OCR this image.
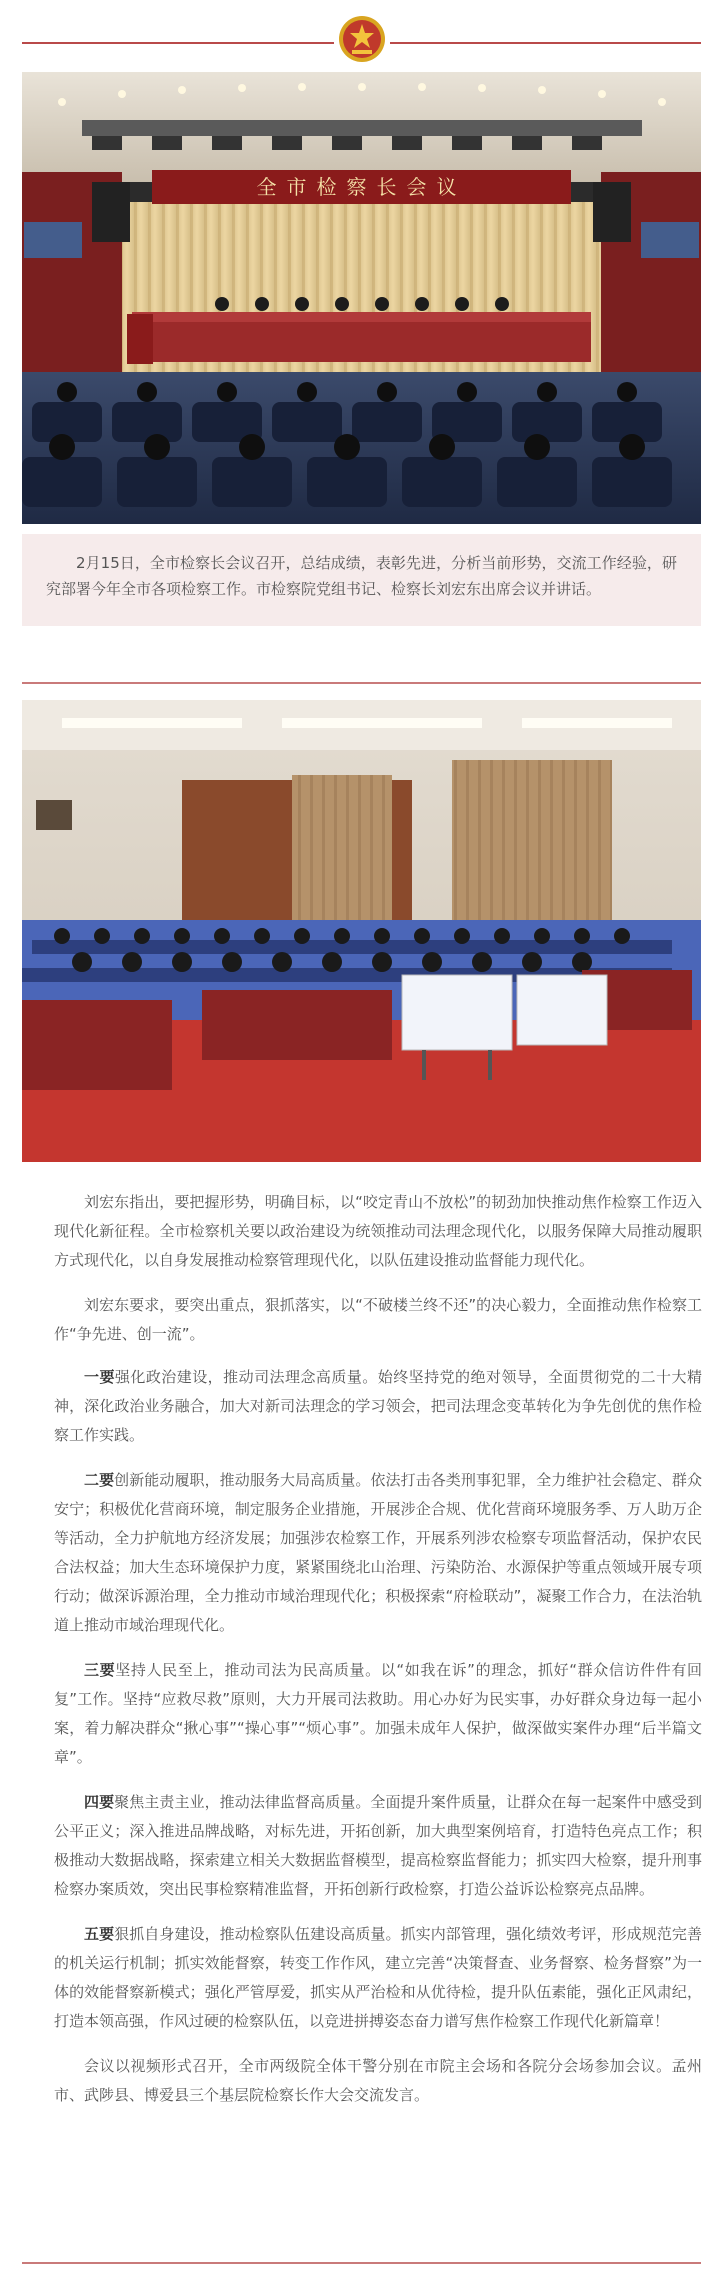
全市检察长会议

2月15日，全市检察长会议召开，总结成绩，表彰先进，分析当前形势，交流工作经验，研究部署今年全市各项检察工作。市检察院党组书记、检察长刘宏东出席会议并讲话。

刘宏东指出，要把握形势，明确目标，以“咬定青山不放松”的韧劲加快推动焦作检察工作迈入现代化新征程。全市检察机关要以政治建设为统领推动司法理念现代化，以服务保障大局推动履职方式现代化，以自身发展推动检察管理现代化，以队伍建设推动监督能力现代化。

刘宏东要求，要突出重点，狠抓落实，以“不破楼兰终不还”的决心毅力，全面推动焦作检察工作“争先进、创一流”。

一要强化政治建设，推动司法理念高质量。始终坚持党的绝对领导，全面贯彻党的二十大精神，深化政治业务融合，加大对新司法理念的学习领会，把司法理念变革转化为争先创优的焦作检察工作实践。

二要创新能动履职，推动服务大局高质量。依法打击各类刑事犯罪，全力维护社会稳定、群众安宁；积极优化营商环境，制定服务企业措施，开展涉企合规、优化营商环境服务季、万人助万企等活动，全力护航地方经济发展；加强涉农检察工作，开展系列涉农检察专项监督活动，保护农民合法权益；加大生态环境保护力度，紧紧围绕北山治理、污染防治、水源保护等重点领域开展专项行动；做深诉源治理，全力推动市域治理现代化；积极探索“府检联动”，凝聚工作合力，在法治轨道上推动市域治理现代化。

三要坚持人民至上，推动司法为民高质量。以“如我在诉”的理念，抓好“群众信访件件有回复”工作。坚持“应救尽救”原则，大力开展司法救助。用心办好为民实事，办好群众身边每一起小案，着力解决群众“揪心事”“操心事”“烦心事”。加强未成年人保护，做深做实案件办理“后半篇文章”。

四要聚焦主责主业，推动法律监督高质量。全面提升案件质量，让群众在每一起案件中感受到公平正义；深入推进品牌战略，对标先进，开拓创新，加大典型案例培育，打造特色亮点工作；积极推动大数据战略，探索建立相关大数据监督模型，提高检察监督能力；抓实四大检察，提升刑事检察办案质效，突出民事检察精准监督，开拓创新行政检察，打造公益诉讼检察亮点品牌。

五要狠抓自身建设，推动检察队伍建设高质量。抓实内部管理，强化绩效考评，形成规范完善的机关运行机制；抓实效能督察，转变工作作风，建立完善“决策督查、业务督察、检务督察”为一体的效能督察新模式；强化严管厚爱，抓实从严治检和从优待检，提升队伍素能，强化正风肃纪，打造本领高强，作风过硬的检察队伍，以竞进拼搏姿态奋力谱写焦作检察工作现代化新篇章！

会议以视频形式召开，全市两级院全体干警分别在市院主会场和各院分会场参加会议。孟州市、武陟县、博爱县三个基层院检察长作大会交流发言。
